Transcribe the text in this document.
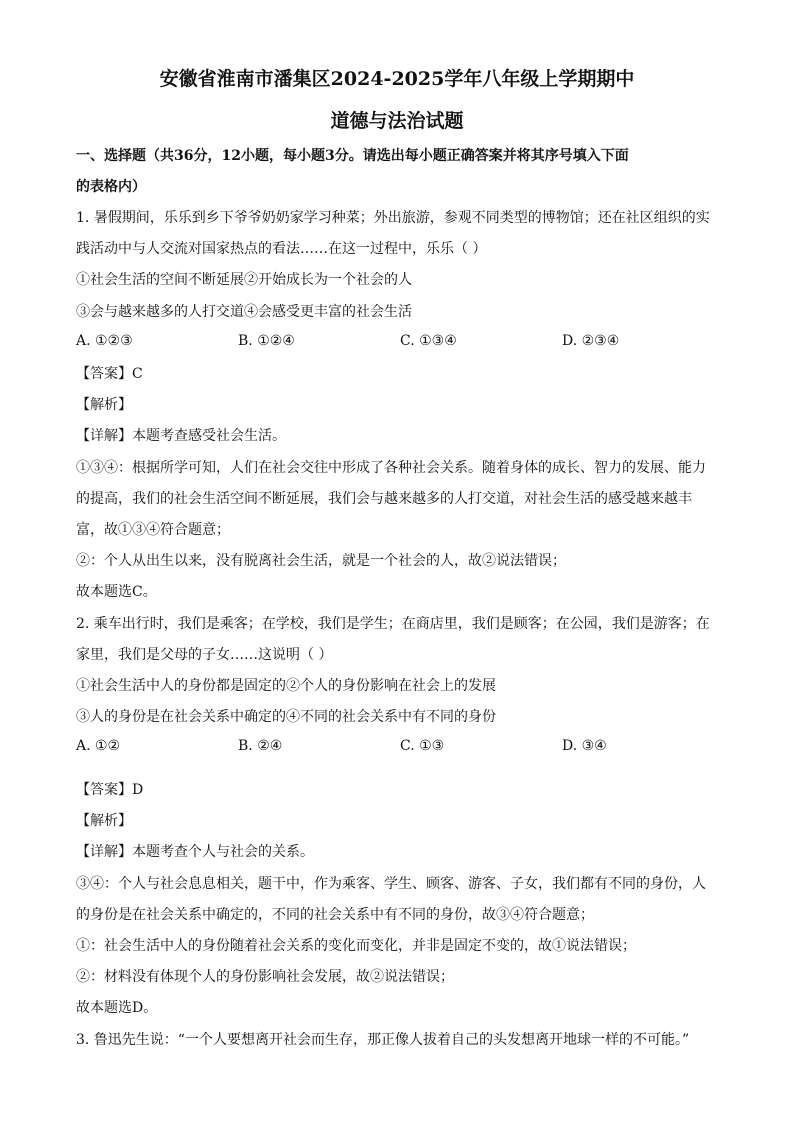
安徽省淮南市潘集区2024-2025学年八年级上学期期中
道德与法治试题
一、选择题（共36分，12小题，每小题3分。请选出每小题正确答案并将其序号填入下面
的表格内）
1. 暑假期间，乐乐到乡下爷爷奶奶家学习种菜；外出旅游，参观不同类型的博物馆；还在社区组织的实
践活动中与人交流对国家热点的看法……在这一过程中，乐乐（ ）
①社会生活的空间不断延展②开始成长为一个社会的人
③会与越来越多的人打交道④会感受更丰富的社会生活
A. ①②③	B. ①②④	C. ①③④	D. ②③④
【答案】C
【解析】
【详解】本题考查感受社会生活。
①③④：根据所学可知，人们在社会交往中形成了各种社会关系。随着身体的成长、智力的发展、能力
的提高，我们的社会生活空间不断延展，我们会与越来越多的人打交道，对社会生活的感受越来越丰
富，故①③④符合题意；
②：个人从出生以来，没有脱离社会生活，就是一个社会的人，故②说法错误；
故本题选C。
2. 乘车出行时，我们是乘客；在学校，我们是学生；在商店里，我们是顾客；在公园，我们是游客；在
家里，我们是父母的子女……这说明（ ）
①社会生活中人的身份都是固定的②个人的身份影响在社会上的发展
③人的身份是在社会关系中确定的④不同的社会关系中有不同的身份
A. ①②	B. ②④	C. ①③	D. ③④
【答案】D
【解析】
【详解】本题考查个人与社会的关系。
③④：个人与社会息息相关，题干中，作为乘客、学生、顾客、游客、子女，我们都有不同的身份，人
的身份是在社会关系中确定的，不同的社会关系中有不同的身份，故③④符合题意；
①：社会生活中人的身份随着社会关系的变化而变化，并非是固定不变的，故①说法错误；
②：材料没有体现个人的身份影响社会发展，故②说法错误；
故本题选D。
3. 鲁迅先生说：“一个人要想离开社会而生存，那正像人拔着自己的头发想离开地球一样的不可能。”
